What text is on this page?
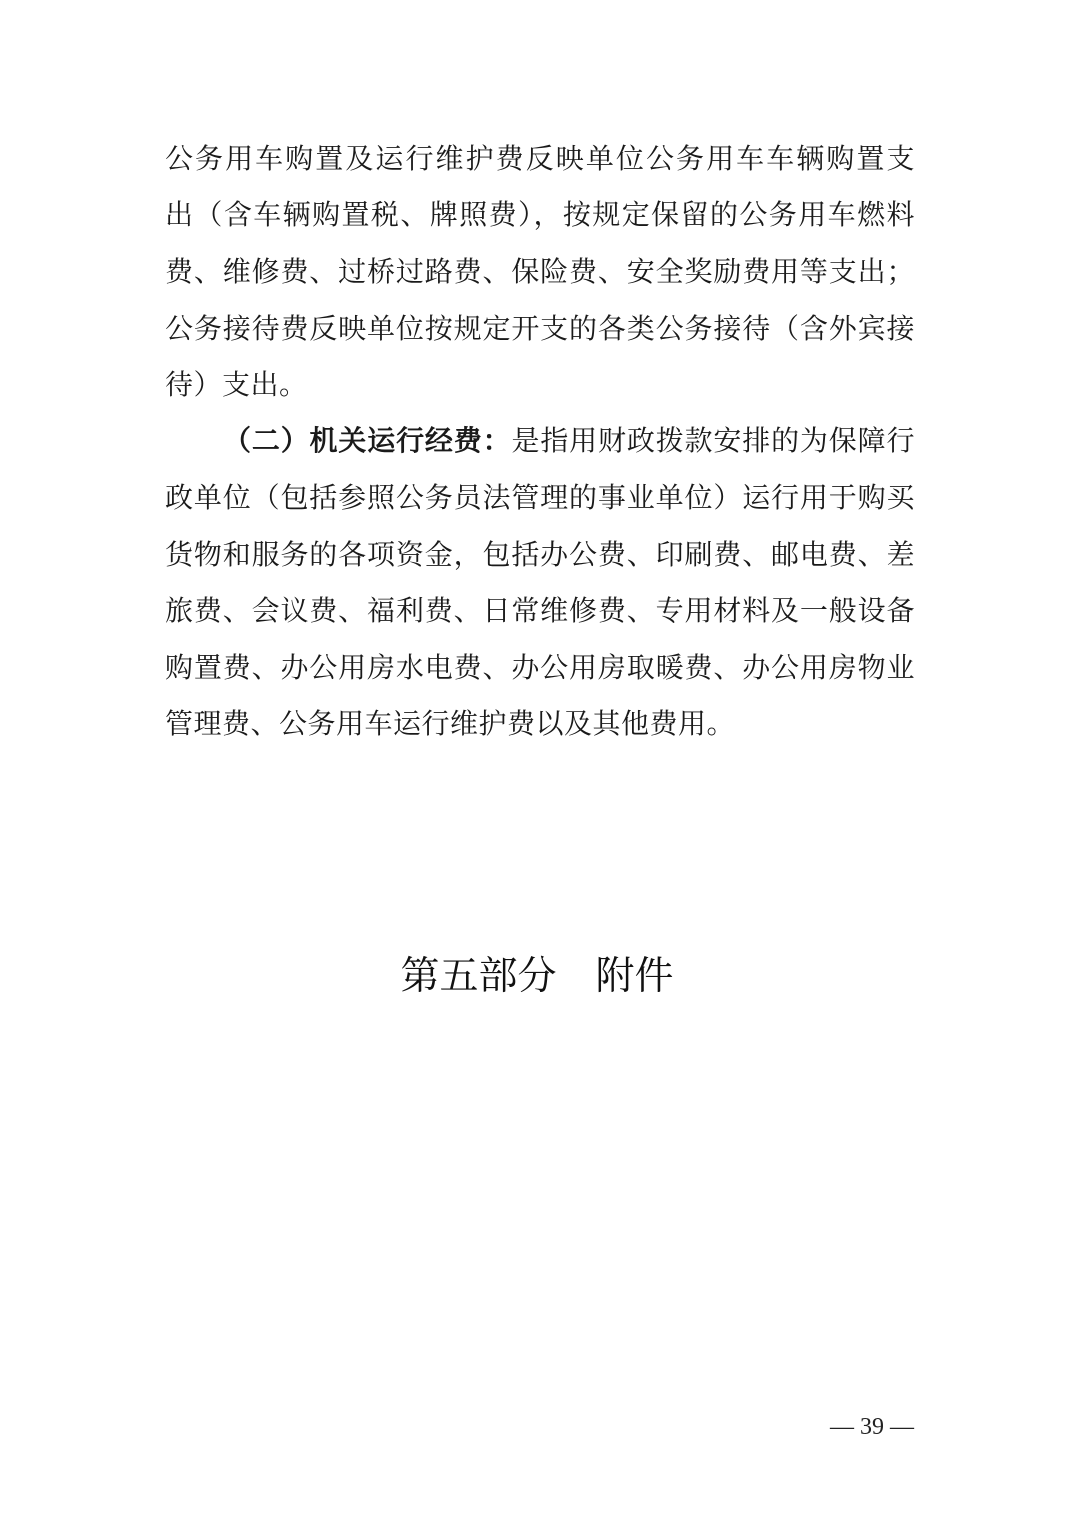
公务用车购置及运行维护费反映单位公务用车车辆购置支
出（含车辆购置税、牌照费），按规定保留的公务用车燃料
费、维修费、过桥过路费、保险费、安全奖励费用等支出；
公务接待费反映单位按规定开支的各类公务接待（含外宾接
待）支出。
（二）机关运行经费：是指用财政拨款安排的为保障行
政单位（包括参照公务员法管理的事业单位）运行用于购买
货物和服务的各项资金，包括办公费、印刷费、邮电费、差
旅费、会议费、福利费、日常维修费、专用材料及一般设备
购置费、办公用房水电费、办公用房取暖费、办公用房物业
管理费、公务用车运行维护费以及其他费用。
第五部分　附件
— 39 —
